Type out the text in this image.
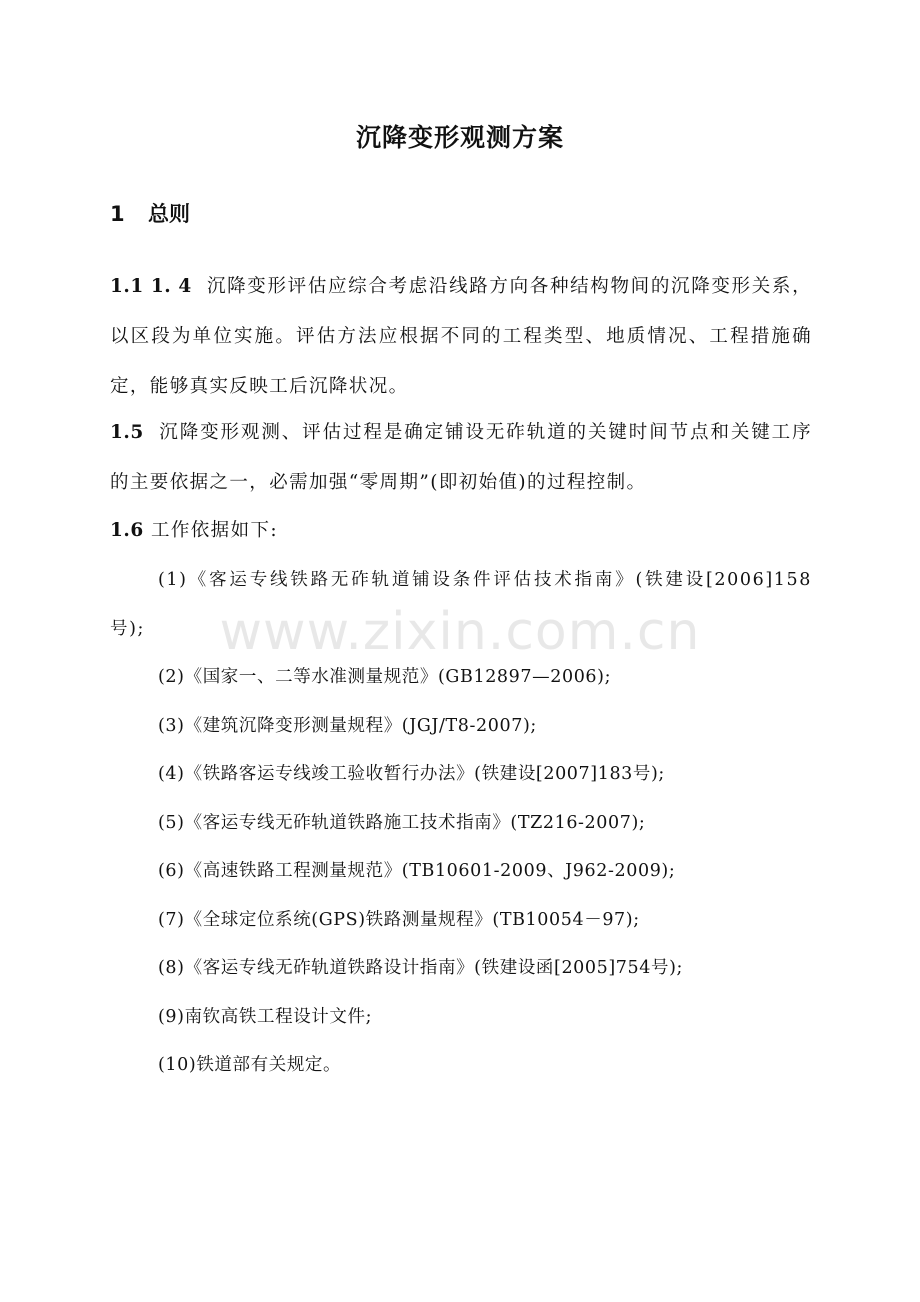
沉降变形观测方案
1 总则
1.1 1. 4 沉降变形评估应综合考虑沿线路方向各种结构物间的沉降变形关系，以区段为单位实施。评估方法应根据不同的工程类型、地质情况、工程措施确定，能够真实反映工后沉降状况。
1.5 沉降变形观测、评估过程是确定铺设无砟轨道的关键时间节点和关键工序的主要依据之一，必需加强“零周期”(即初始值)的过程控制。
1.6 工作依据如下:
(1)《客运专线铁路无砟轨道铺设条件评估技术指南》(铁建设[2006]158号);
(2)《国家一、二等水准测量规范》(GB12897—2006);
(3)《建筑沉降变形测量规程》(JGJ/T8-2007);
(4)《铁路客运专线竣工验收暂行办法》(铁建设[2007]183号);
(5)《客运专线无砟轨道铁路施工技术指南》(TZ216-2007);
(6)《高速铁路工程测量规范》(TB10601-2009、J962-2009);
(7)《全球定位系统(GPS)铁路测量规程》(TB10054－97);
(8)《客运专线无砟轨道铁路设计指南》(铁建设函[2005]754号);
(9)南钦高铁工程设计文件;
(10)铁道部有关规定。
www.zixin.com.cn
